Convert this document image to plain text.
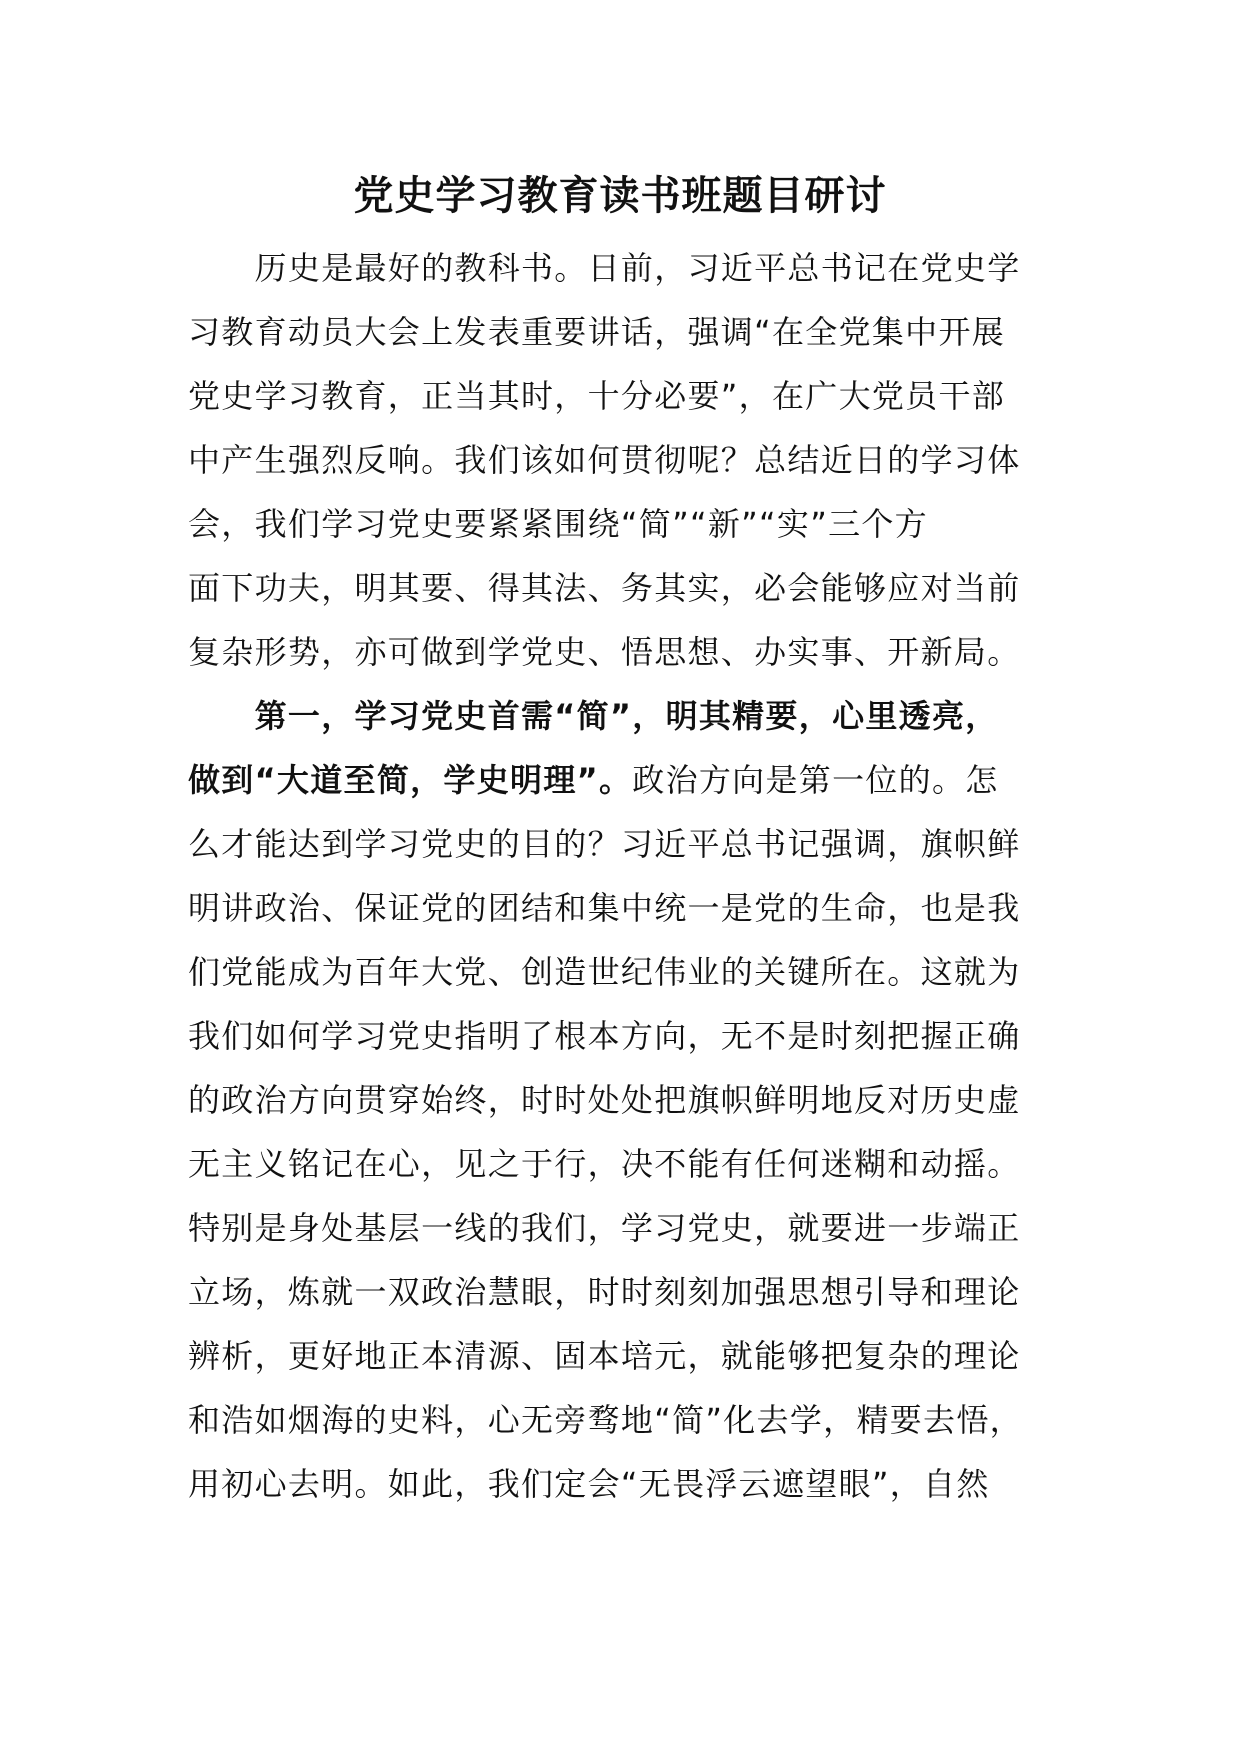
党史学习教育读书班题目研讨
　　历史是最好的教科书。日前，习近平总书记在党史学
习教育动员大会上发表重要讲话，强调“在全党集中开展
党史学习教育，正当其时，十分必要”，在广大党员干部
中产生强烈反响。我们该如何贯彻呢？总结近日的学习体
会，我们学习党史要紧紧围绕“简”“新”“实”三个方
面下功夫，明其要、得其法、务其实，必会能够应对当前
复杂形势，亦可做到学党史、悟思想、办实事、开新局。
　　第一，学习党史首需“简”，明其精要，心里透亮，
做到“大道至简，学史明理”。政治方向是第一位的。怎
么才能达到学习党史的目的？习近平总书记强调，旗帜鲜
明讲政治、保证党的团结和集中统一是党的生命，也是我
们党能成为百年大党、创造世纪伟业的关键所在。这就为
我们如何学习党史指明了根本方向，无不是时刻把握正确
的政治方向贯穿始终，时时处处把旗帜鲜明地反对历史虚
无主义铭记在心，见之于行，决不能有任何迷糊和动摇。
特别是身处基层一线的我们，学习党史，就要进一步端正
立场，炼就一双政治慧眼，时时刻刻加强思想引导和理论
辨析，更好地正本清源、固本培元，就能够把复杂的理论
和浩如烟海的史料，心无旁骛地“简”化去学，精要去悟，
用初心去明。如此，我们定会“无畏浮云遮望眼”，自然
